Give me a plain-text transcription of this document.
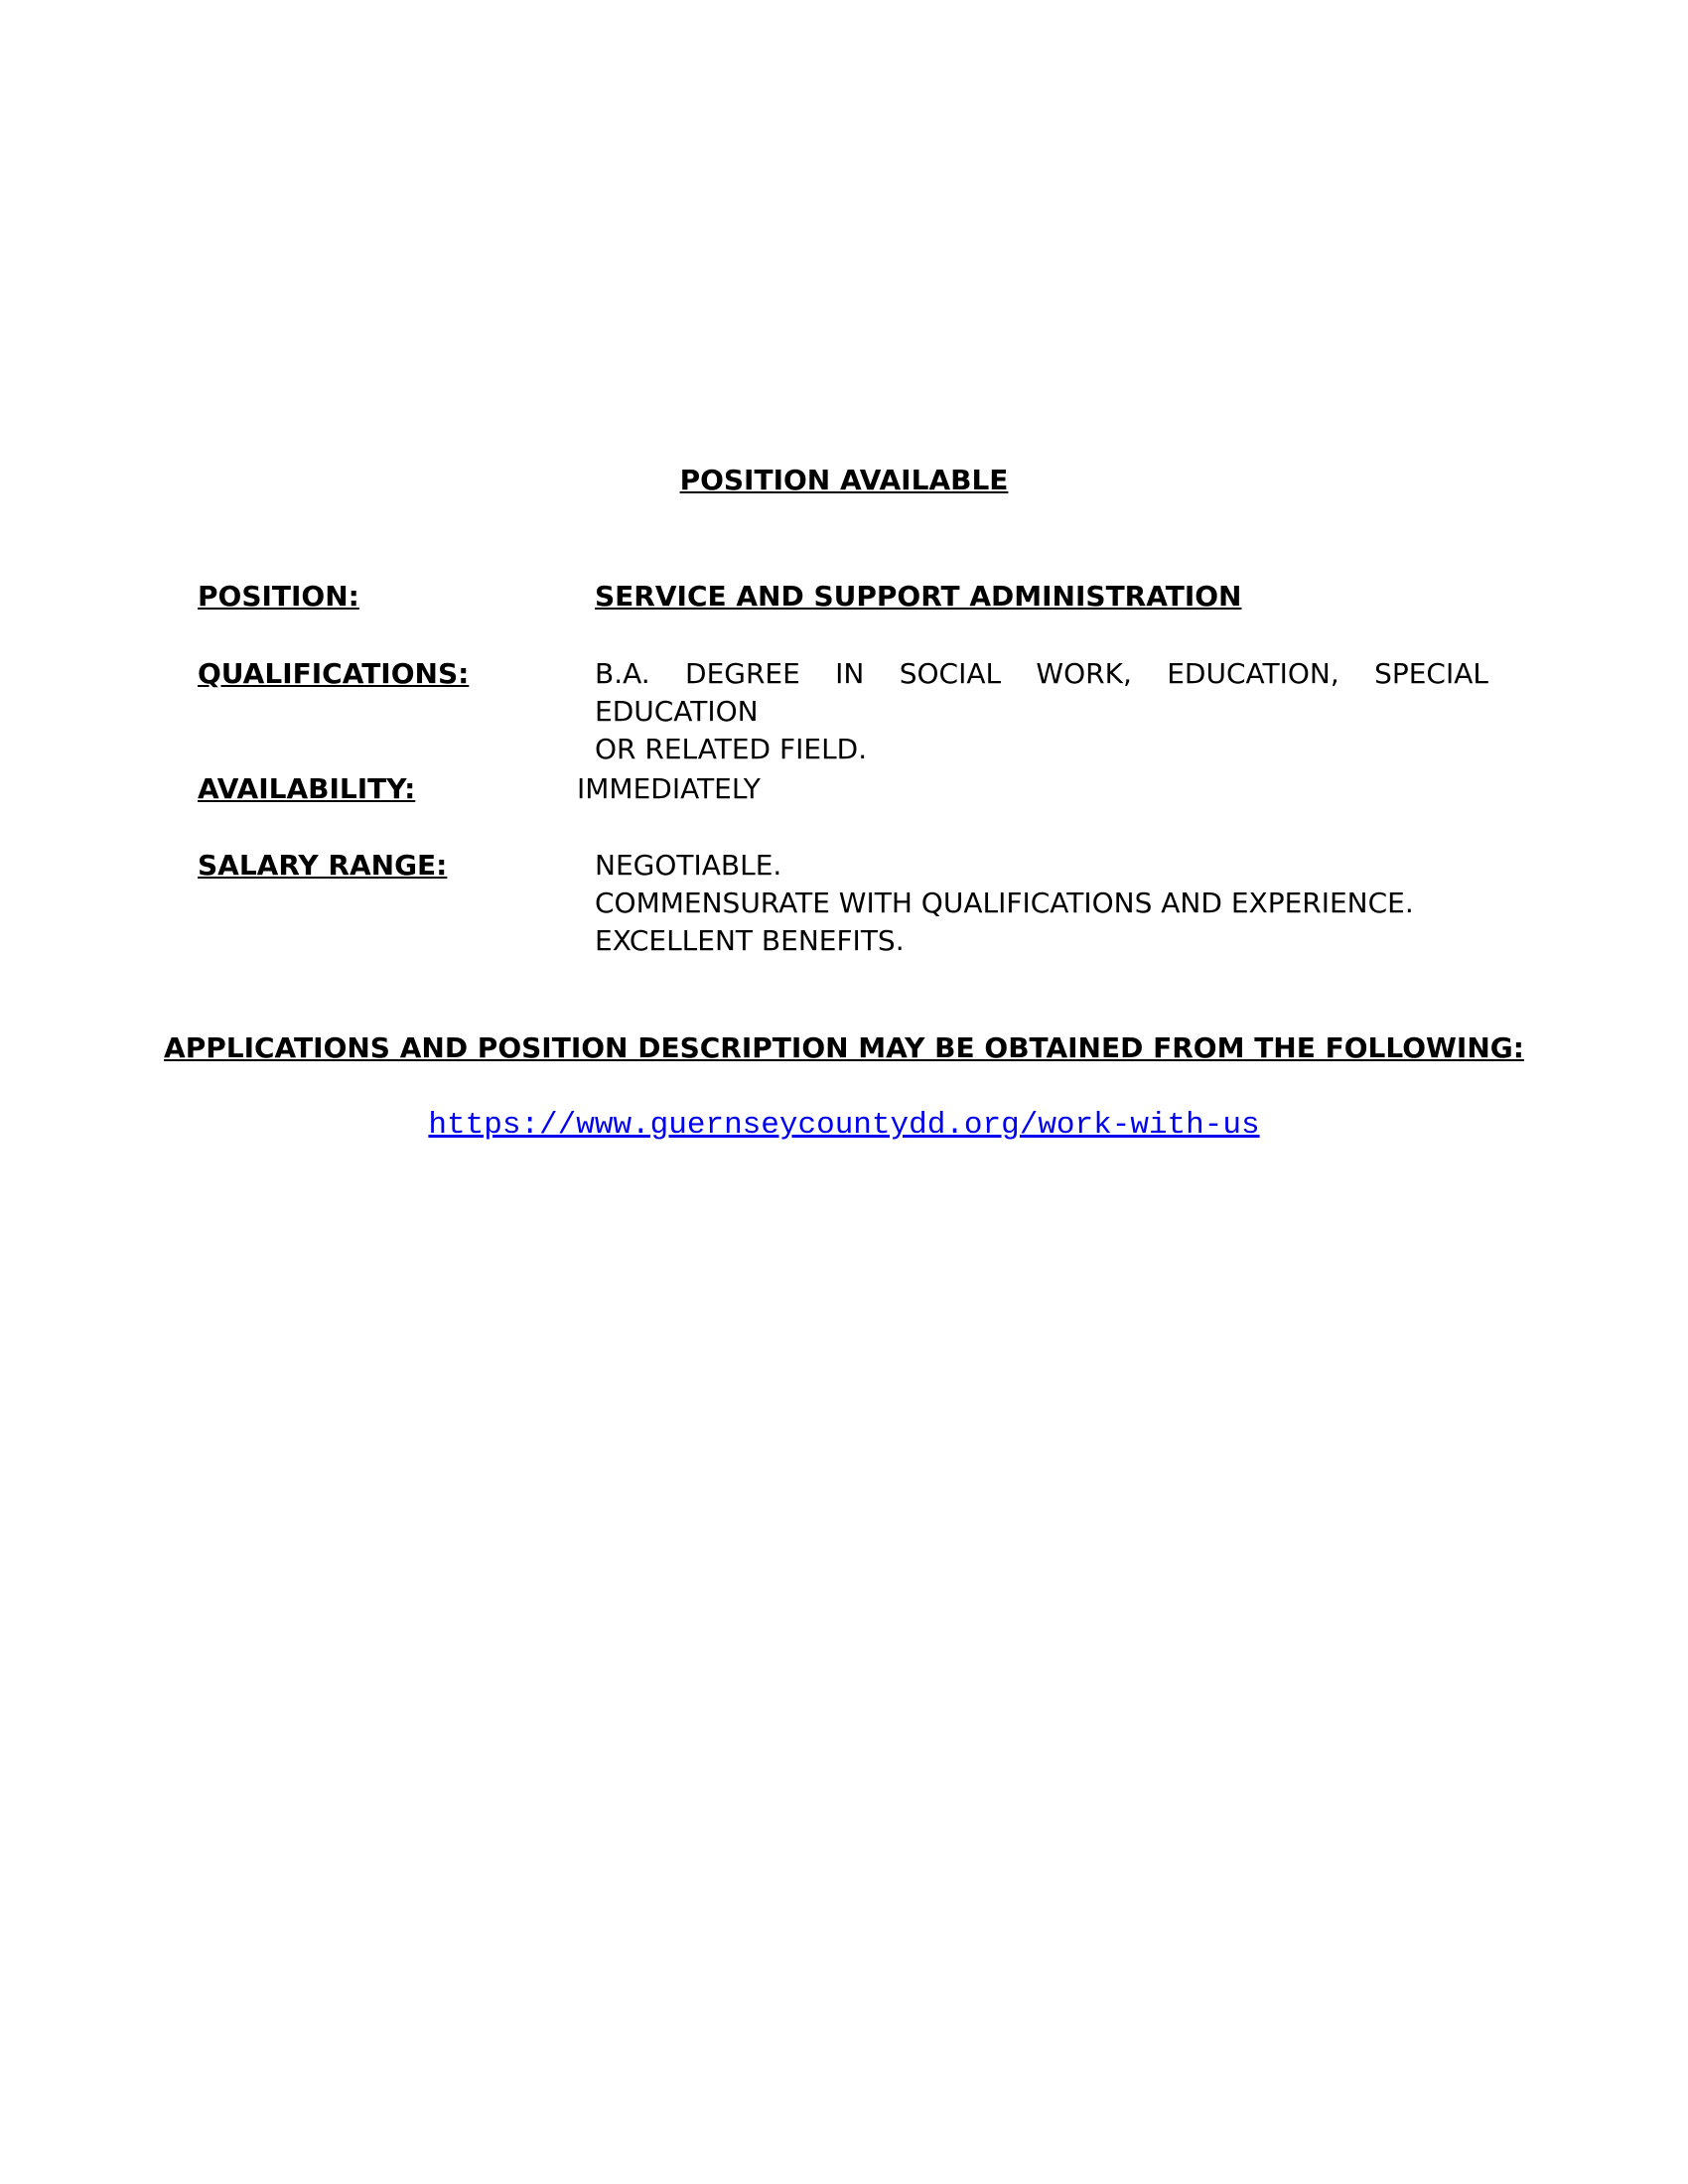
POSITION AVAILABLE
POSITION:	SERVICE AND SUPPORT ADMINISTRATION
QUALIFICATIONS:	B.A. DEGREE IN SOCIAL WORK, EDUCATION, SPECIAL EDUCATION
OR RELATED FIELD.
AVAILABILITY:	IMMEDIATELY
SALARY RANGE:	NEGOTIABLE.
COMMENSURATE WITH QUALIFICATIONS AND EXPERIENCE.
EXCELLENT BENEFITS.
APPLICATIONS AND POSITION DESCRIPTION MAY BE OBTAINED FROM THE FOLLOWING:
https://www.guernseycountydd.org/work-with-us
